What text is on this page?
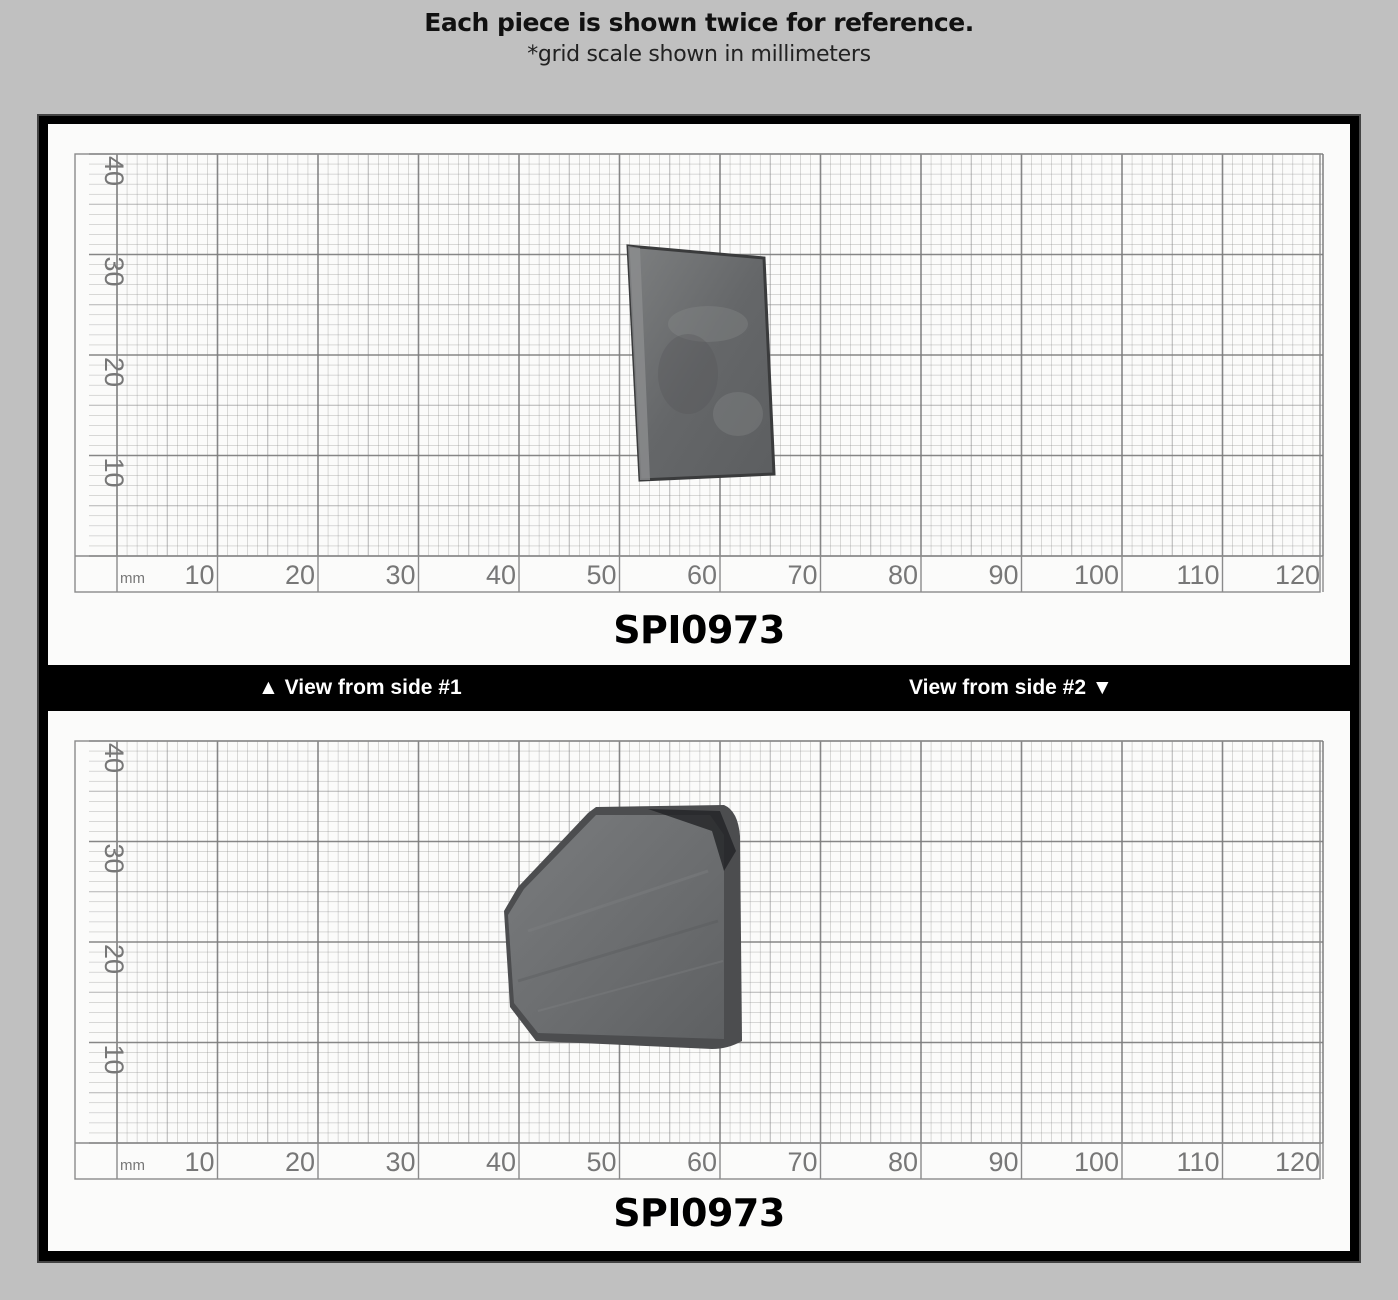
Each piece is shown twice for reference.
*grid scale shown in millimeters
10	20	30	40	50	60	70	80	90 100 110 120
mm
10
20
30
40
SPI0973
▲ View from side #1	View from side #2 ▼
10	20	30	40	50	60	70	80	90 100 110 120
mm
10
20
30
40
SPI0973
